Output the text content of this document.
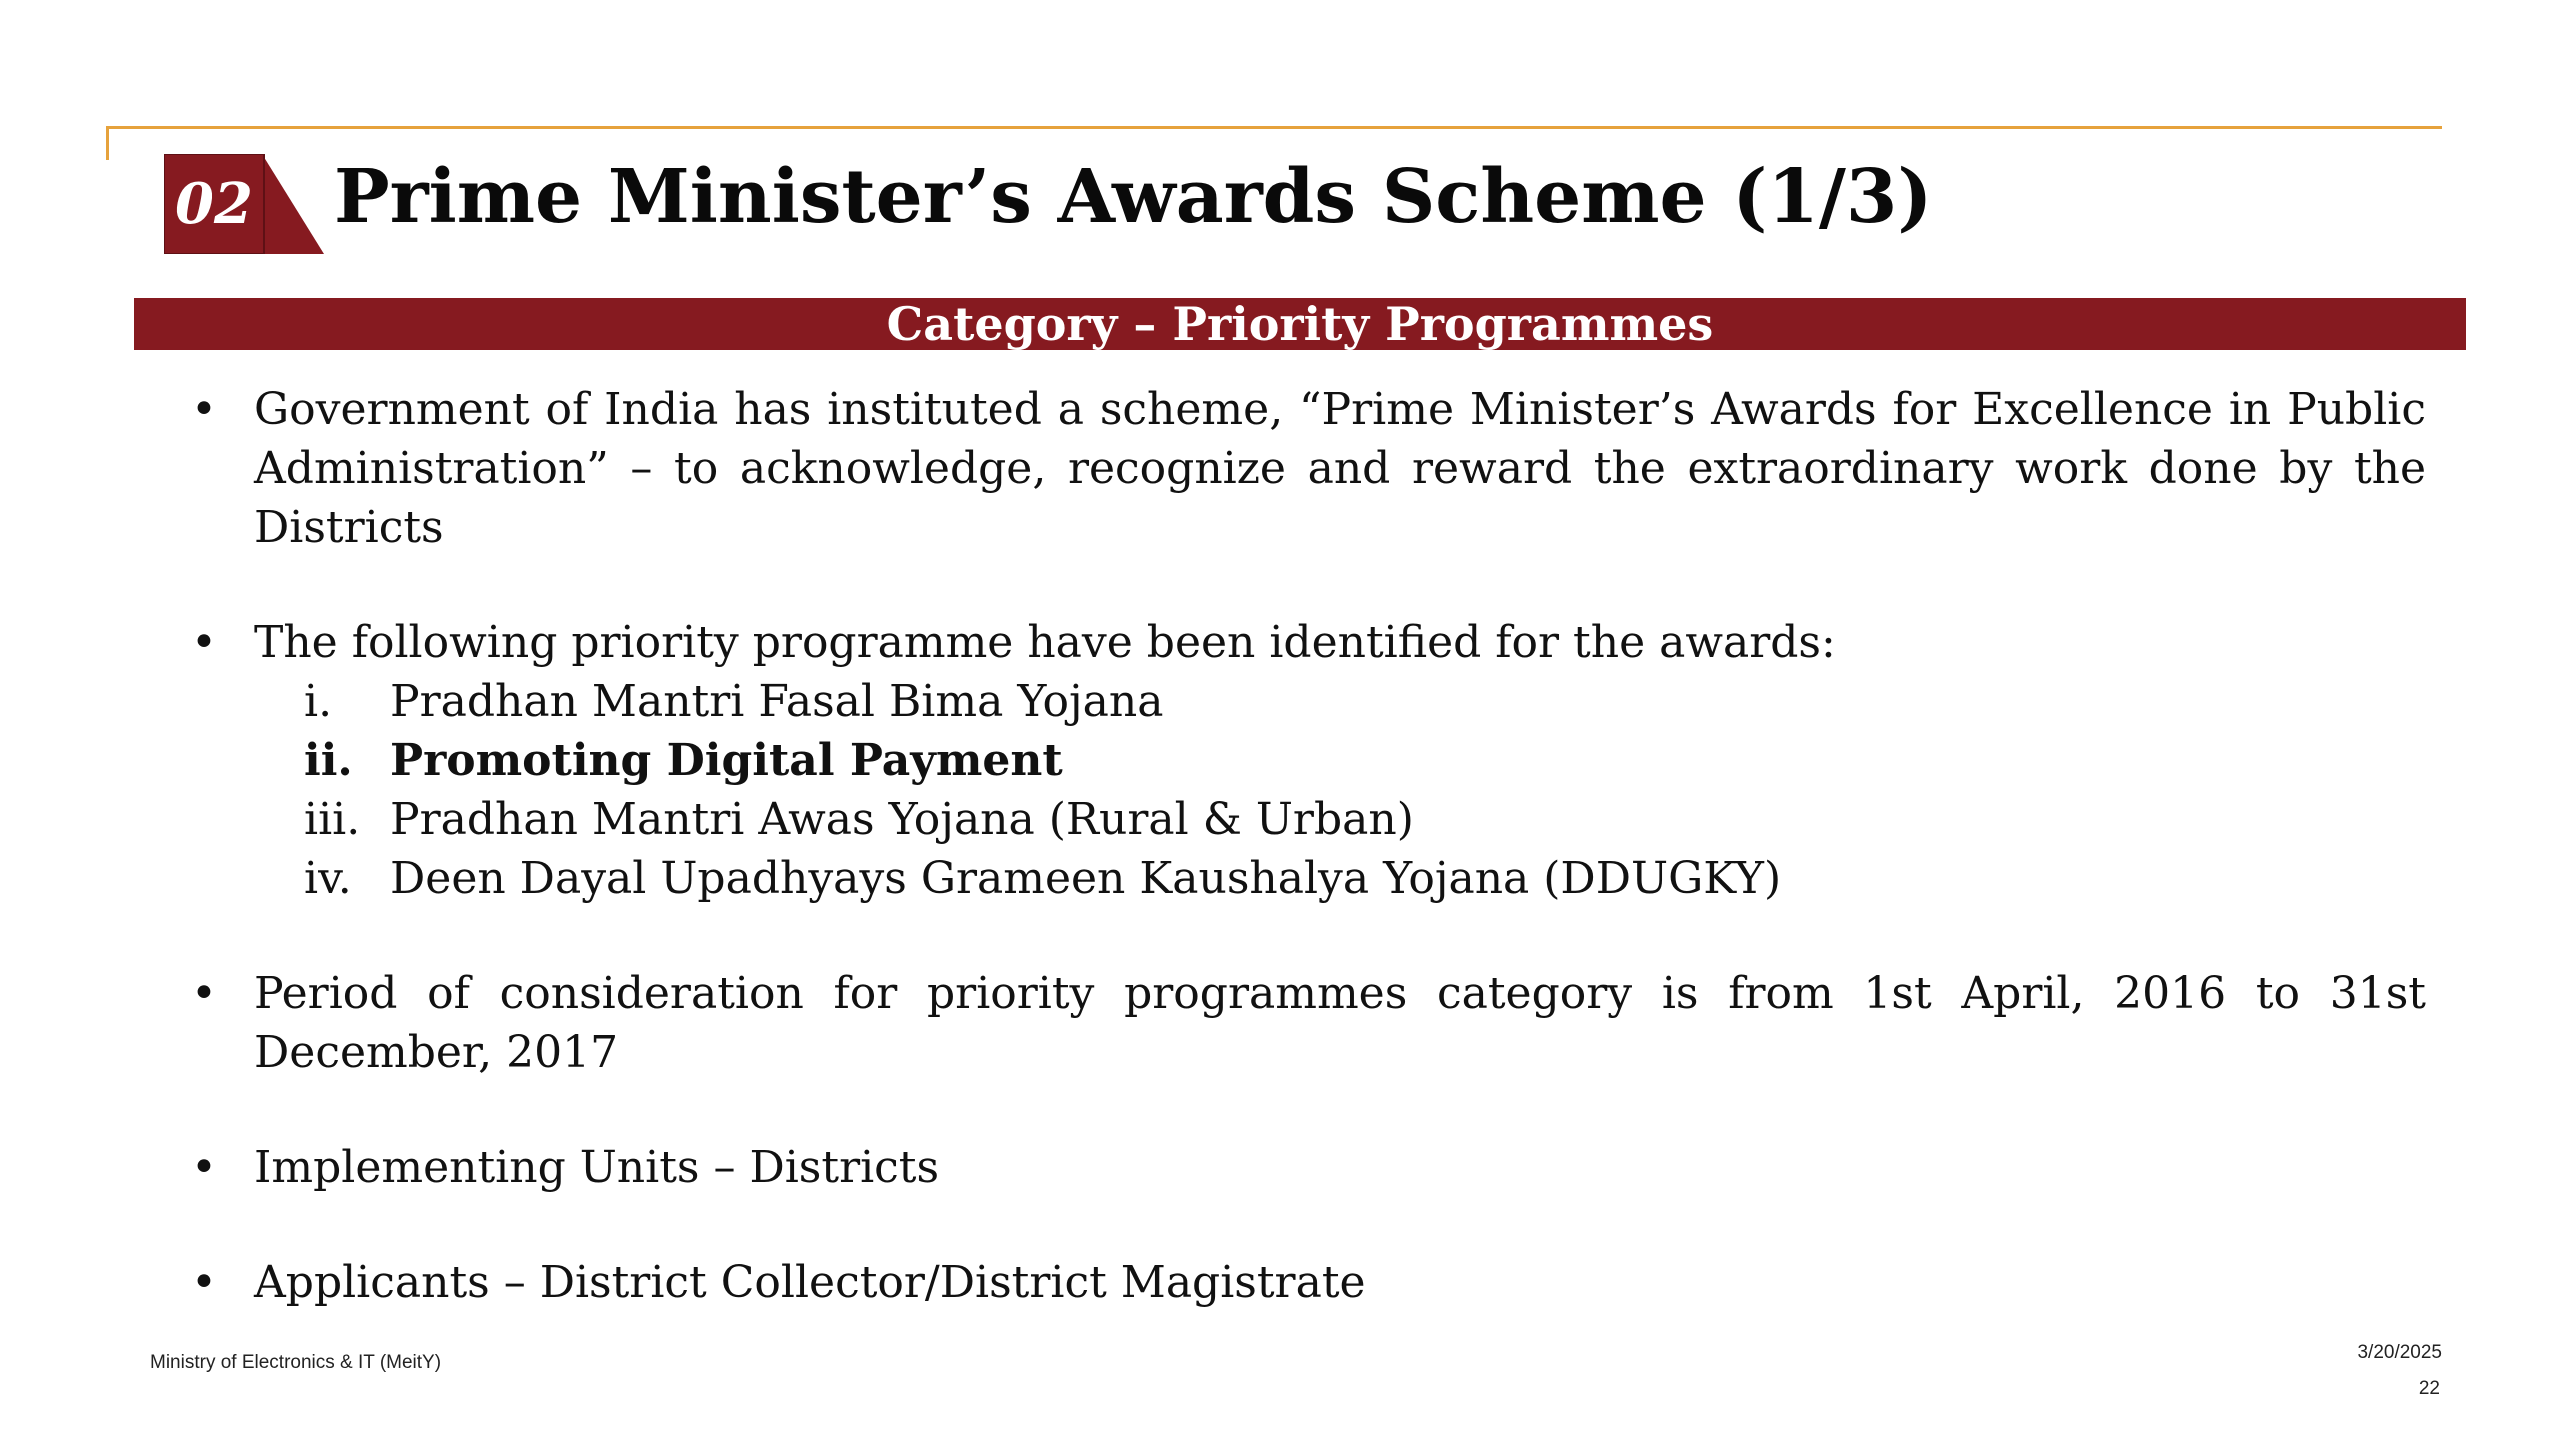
02 Prime Minister’s Awards Scheme (1/3)
Category – Priority Programmes
• Government of India has instituted a scheme, “Prime Minister’s Awards for Excellence in Public Administration” – to acknowledge, recognize and reward the extraordinary work done by the Districts
• The following priority programme have been identified for the awards:
i. Pradhan Mantri Fasal Bima Yojana
ii. Promoting Digital Payment
iii. Pradhan Mantri Awas Yojana (Rural & Urban)
iv. Deen Dayal Upadhyays Grameen Kaushalya Yojana (DDUGKY)
• Period of consideration for priority programmes category is from 1st April, 2016 to 31st December, 2017
• Implementing Units – Districts
• Applicants – District Collector/District Magistrate
Ministry of Electronics & IT (MeitY)	3/20/2025
22
